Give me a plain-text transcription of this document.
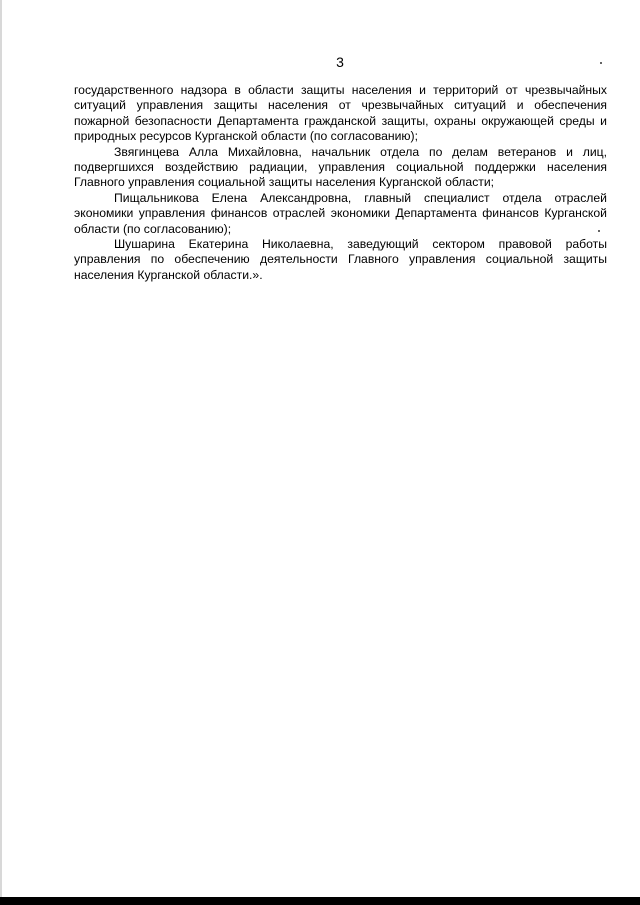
3

государственного надзора в области защиты населения и территорий от чрезвычайных ситуаций управления защиты населения от чрезвычайных ситуаций и обеспечения пожарной безопасности Департамента гражданской защиты, охраны окружающей среды и природных ресурсов Курганской области (по согласованию);

Звягинцева Алла Михайловна, начальник отдела по делам ветеранов и лиц, подвергшихся воздействию радиации, управления социальной поддержки населения Главного управления социальной защиты населения Курганской области;

Пищальникова Елена Александровна, главный специалист отдела отраслей экономики управления финансов отраслей экономики Департамента финансов Курганской области (по согласованию);

Шушарина Екатерина Николаевна, заведующий сектором правовой работы управления по обеспечению деятельности Главного управления социальной защиты населения Курганской области.».
